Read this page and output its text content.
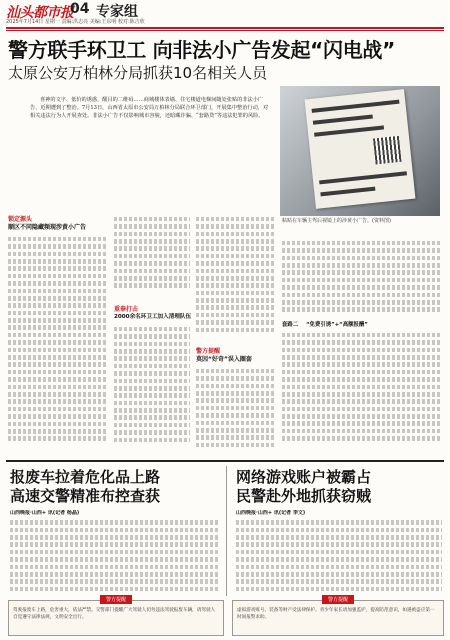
汕头都市报
04 专家组
2025年7月14日 星期一 责编:洪志亮 美编:王东明 校对:陈吉欣
警方联手环卫工 向非法小广告发起“闪电战”
太原公安万柏林分局抓获10名相关人员

喜神的文字、低价的诱惑，醒目的二维码……商城楼体表墙、住宅楼道电梯间随处张贴的非法小广告，近期遭到了整治。7月13日，山西省太原市公安局万柏林分局联合环卫部门，开展集中整治行动，对相关违法行为人开展查处。非法小广告不仅影响城市容貌，还暗藏诈骗、“套路贷”等违法犯罪的风险。

粘贴在车辆主驾后视镜上的涉黄小广告。(资料图)
锁定源头
顺区不同隐藏频现涉黄小广告
重拳打击
2000余名环卫工加入清理队伍
警方提醒
莫因“好奇”误入圈套
套路二 “免费引诱”+“高额报酬”
报废车拉着危化品上路
高速交警精准布控查获
山西晚报·山西+ 讯(记者 杨晶)
网络游戏账户被霸占
民警赴外地抓获窃贼
山西晚报·山西+ 讯(记者 李文)
警方提醒
驾驶报废车上路，危害重大，依法严禁。交警部门提醒广大驾驶人切勿违法驾驶报废车辆，请驾驶人自觉遵守法律法规，文明安全出行。
警方提醒
虚拟游戏账号、装备等财产受法律保护。青少年家长请加强监护，提高防范意识，如遇被盗应第一时间报警求助。
